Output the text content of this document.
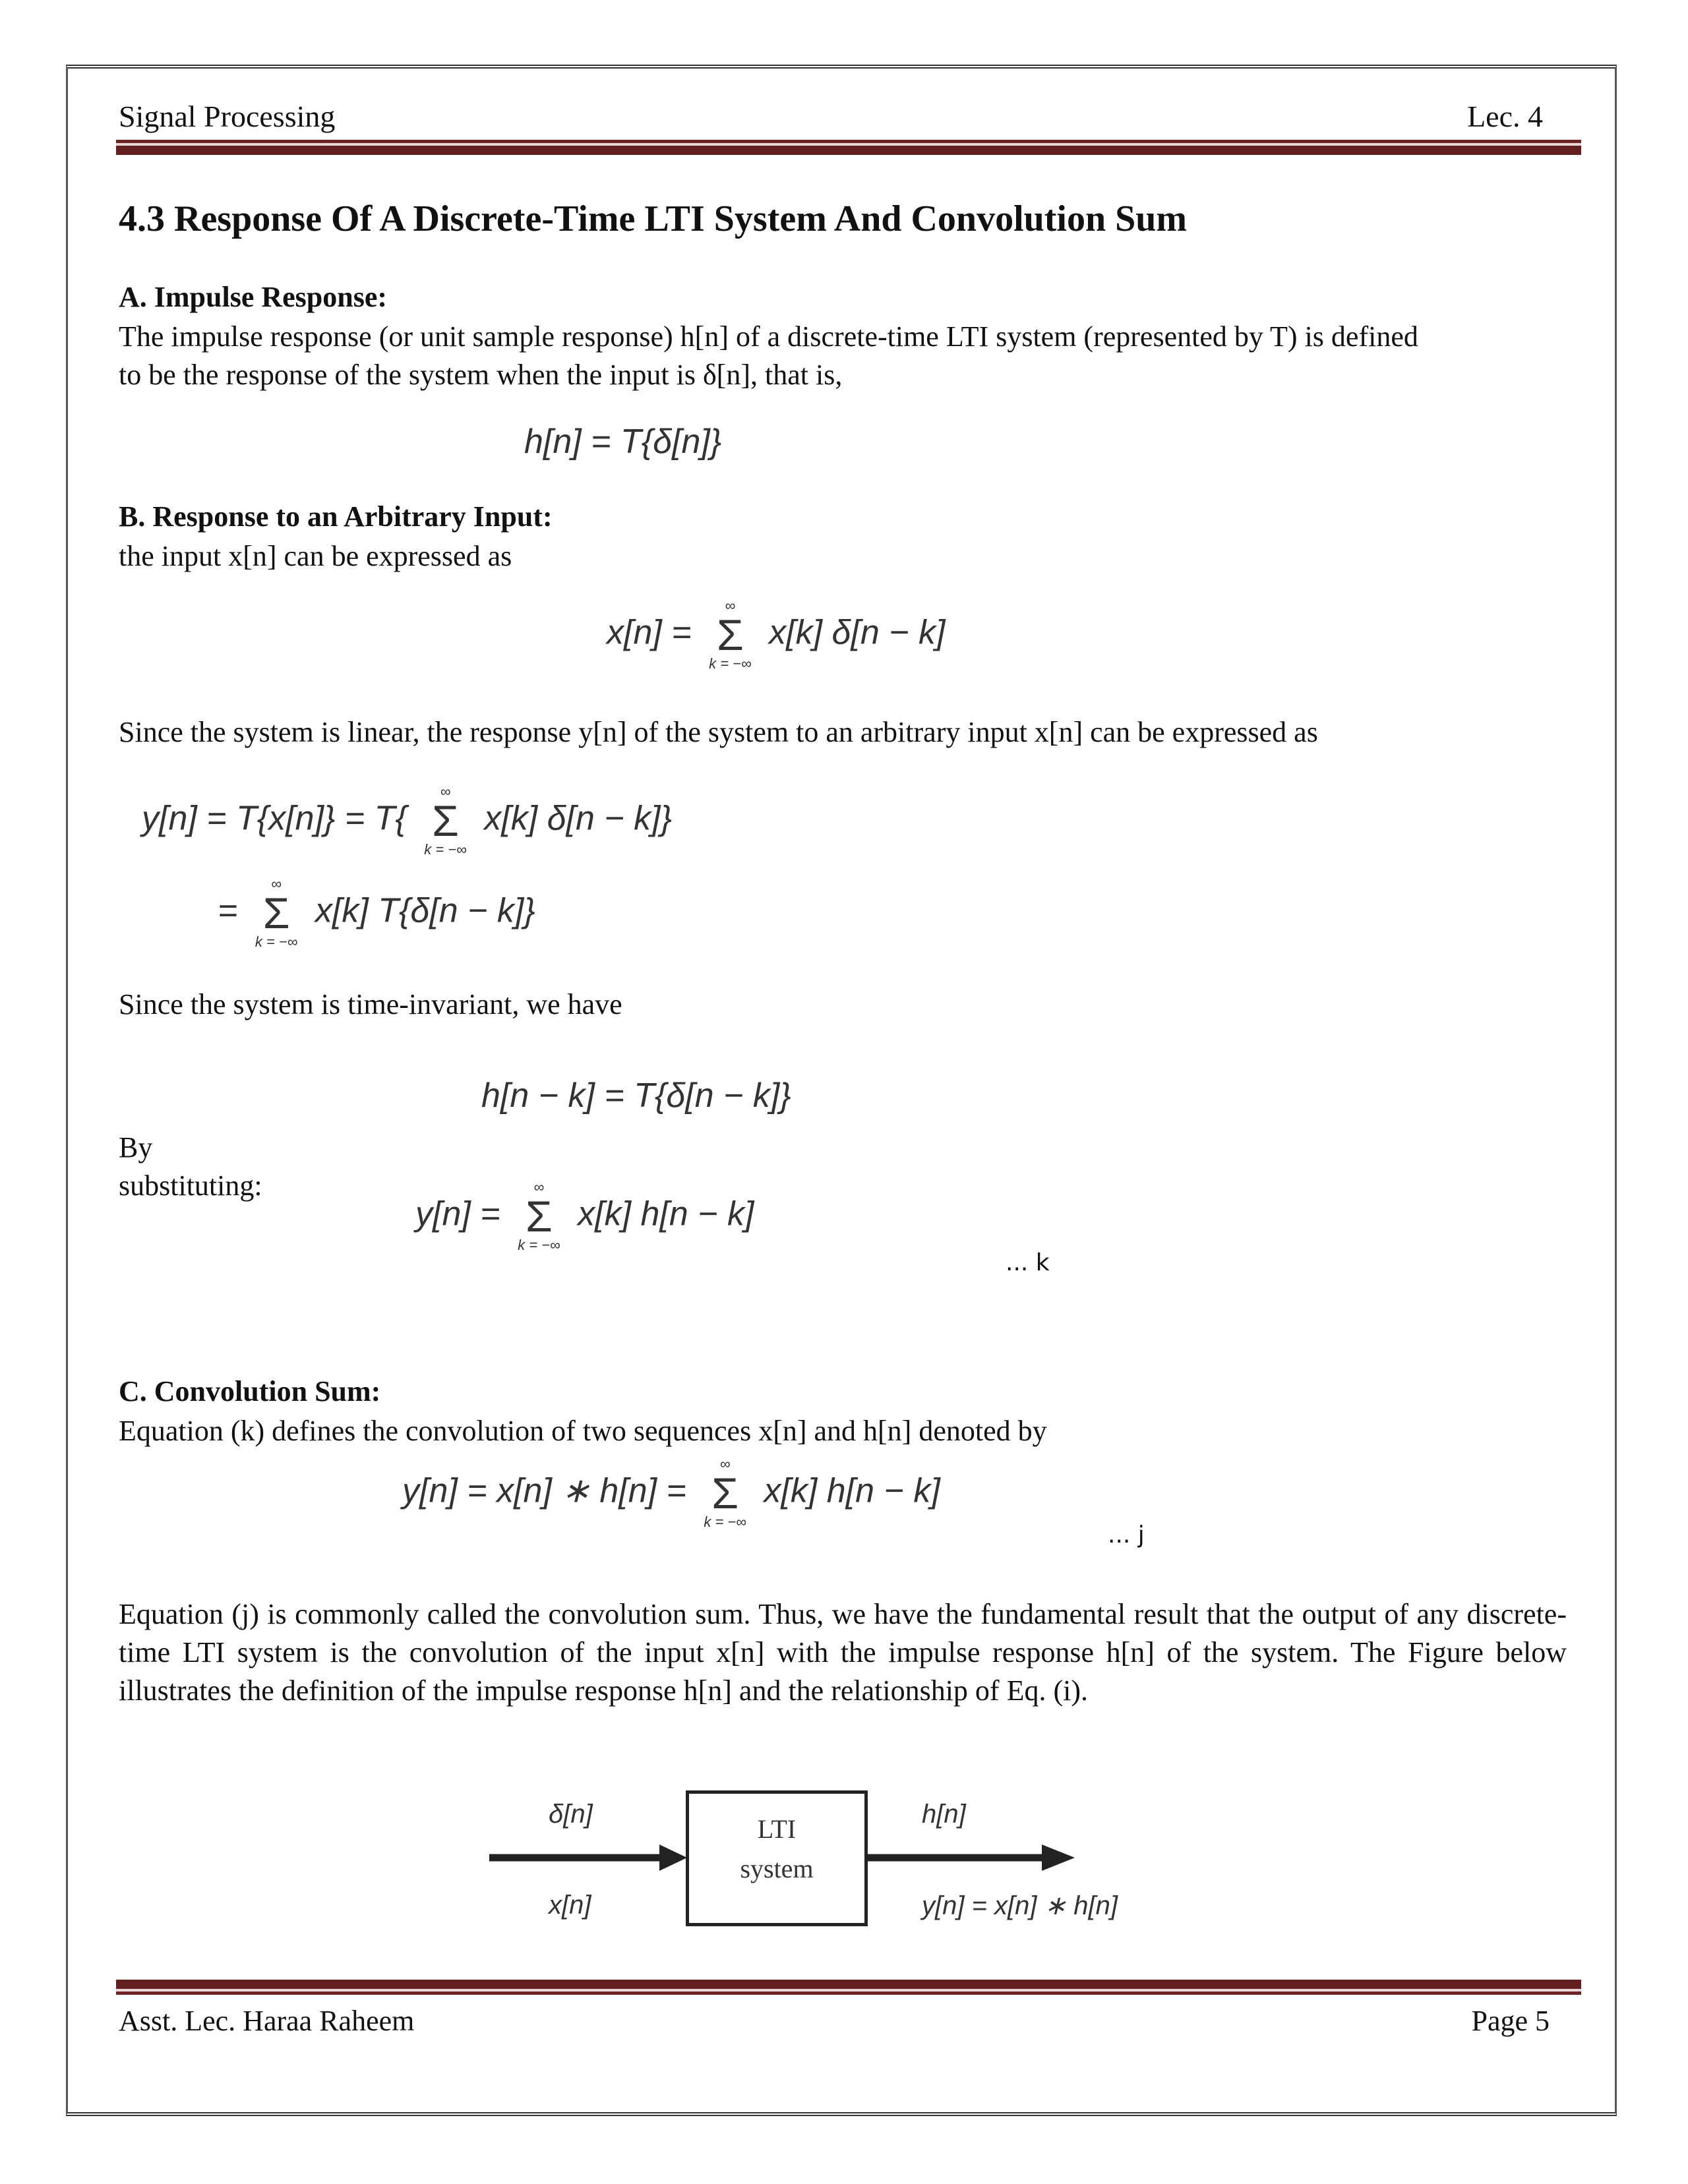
Signal Processing	Lec. 4
4.3 Response Of A Discrete-Time LTI System And Convolution Sum
A. Impulse Response:
The impulse response (or unit sample response) h[n] of a discrete-time LTI system (represented by T) is defined
to be the response of the system when the input is δ[n], that is,
h[n] = T{δ[n]}
B. Response to an Arbitrary Input:
the input x[n] can be expressed as
x[n] =
∞
Σ
k = −∞
x[k] δ[n − k]
Since the system is linear, the response y[n] of the system to an arbitrary input x[n] can be expressed as
y[n] = T{x[n]} = T{
∞
Σ
k = −∞
x[k] δ[n − k]}
=
∞
Σ
k = −∞
x[k] T{δ[n − k]}
Since the system is time-invariant, we have
h[n − k] = T{δ[n − k]}
By
substituting:
y[n] =
∞
Σ
k = −∞
x[k] h[n − k]
... k
C. Convolution Sum:
Equation (k) defines the convolution of two sequences x[n] and h[n] denoted by
y[n] = x[n] ∗ h[n] =
∞
Σ
k = −∞
x[k] h[n − k]
... j
Equation (j) is commonly called the convolution sum. Thus, we have the fundamental result that the output of any discrete-time LTI system is the convolution of the input x[n] with the impulse response h[n] of the system. The Figure below illustrates the definition of the impulse response h[n] and the relationship of Eq. (i).
LTI
system
δ[n]
x[n]
h[n]
y[n] = x[n] ∗ h[n]
Asst. Lec. Haraa Raheem	Page 5
